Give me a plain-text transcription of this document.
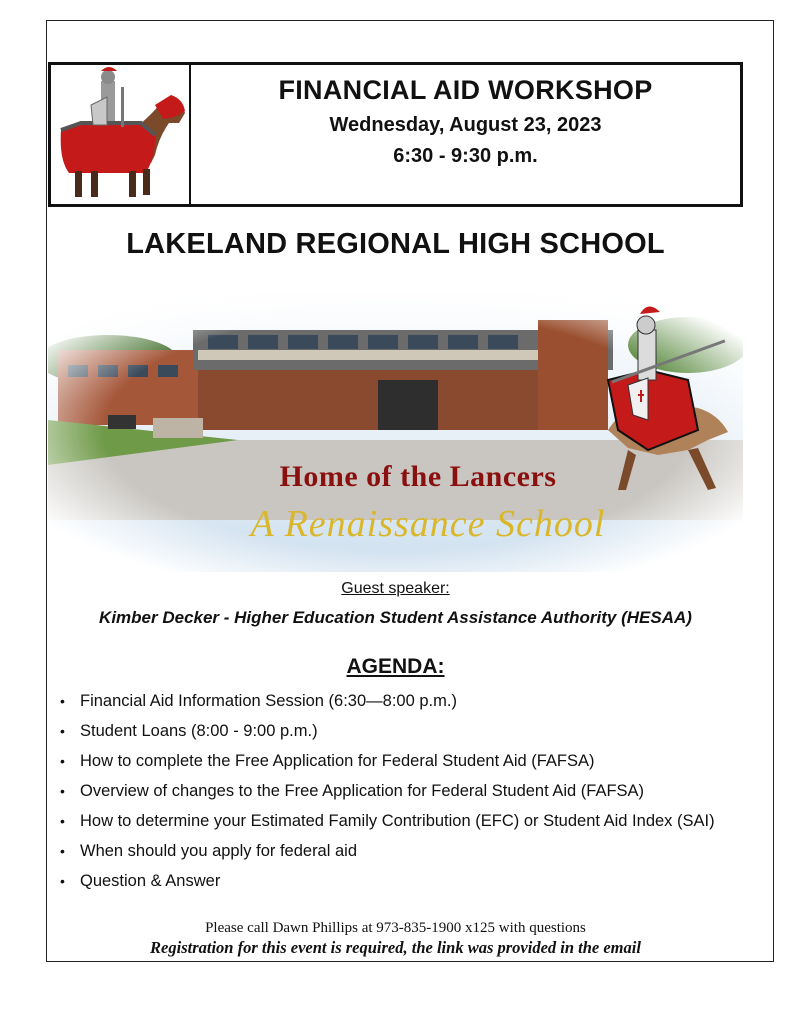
FINANCIAL AID WORKSHOP
Wednesday, August 23, 2023
6:30 - 9:30 p.m.
LAKELAND REGIONAL HIGH SCHOOL
Home of the Lancers
A Renaissance School
Guest speaker:
Kimber Decker - Higher Education Student Assistance Authority (HESAA)
AGENDA:
• Financial Aid Information Session (6:30—8:00 p.m.)
• Student Loans (8:00 - 9:00 p.m.)
• How to complete the Free Application for Federal Student Aid (FAFSA)
• Overview of changes to the Free Application for Federal Student Aid (FAFSA)
• How to determine your Estimated Family Contribution (EFC) or Student Aid Index (SAI)
• When should you apply for federal aid
• Question & Answer
Please call Dawn Phillips at 973-835-1900 x125 with questions
Registration for this event is required, the link was provided in the email
